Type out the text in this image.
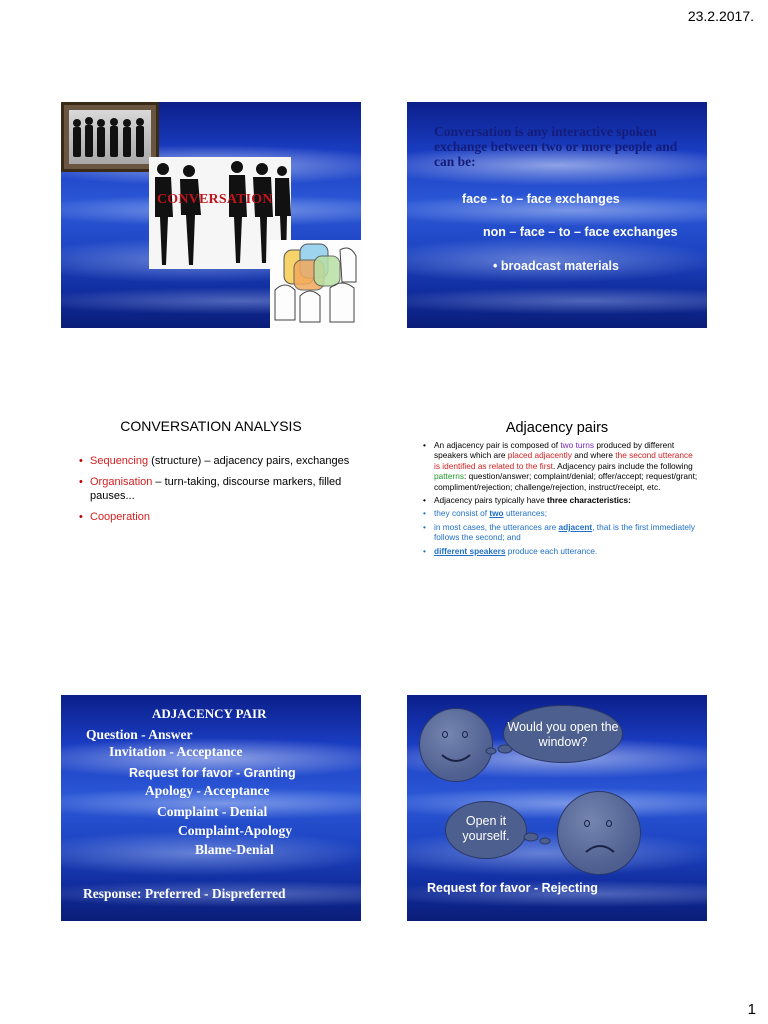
23.2.2017.
CONVERSATION
Conversation is any interactive spoken exchange between two or more people and can be:
face – to – face exchanges
non – face – to – face exchanges
• broadcast materials
CONVERSATION ANALYSIS
• Sequencing (structure) – adjacency pairs, exchanges
• Organisation – turn-taking, discourse markers, filled pauses...
• Cooperation
Adjacency pairs
• An adjacency pair is composed of two turns produced by different speakers which are placed adjacently and where the second utterance is identified as related to the first. Adjacency pairs include the following patterns: question/answer; complaint/denial; offer/accept; request/grant; compliment/rejection; challenge/rejection, instruct/receipt, etc.
• Adjacency pairs typically have three characteristics:
• they consist of two utterances;
• in most cases, the utterances are adjacent, that is the first immediately follows the second; and
• different speakers produce each utterance.
ADJACENCY PAIR
Question - Answer
Invitation - Acceptance
Request for favor - Granting
Apology - Acceptance
Complaint - Denial
Complaint-Apology
Blame-Denial
Response: Preferred - Dispreferred
Would you open the window?
Open it yourself.
Request for favor - Rejecting
1
